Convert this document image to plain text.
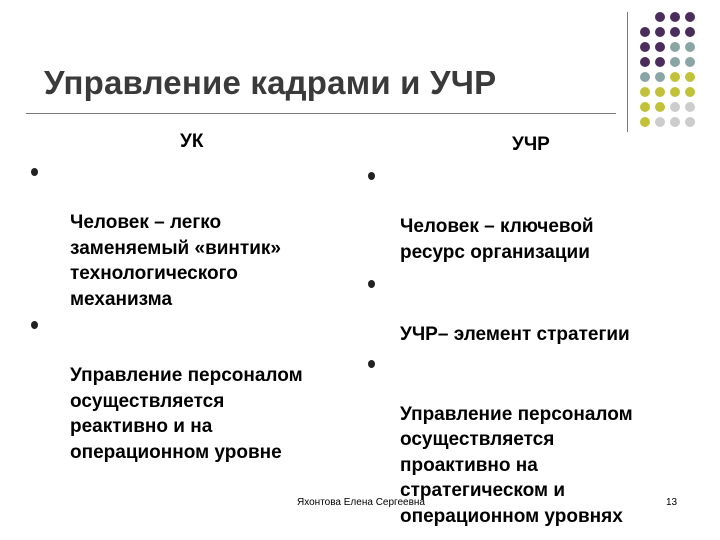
Управление кадрами и УЧР
УК

Человек – легко
заменяемый «винтик»
технологического
механизма

Управление персоналом
осуществляется
реактивно и на
операционном уровне

УЧР

Человек – ключевой
ресурс организации

УЧР– элемент стратегии

Управление персоналом
осуществляется
проактивно на
стратегическом и
операционном уровнях

Яхонтова Елена Сергеевна	13
